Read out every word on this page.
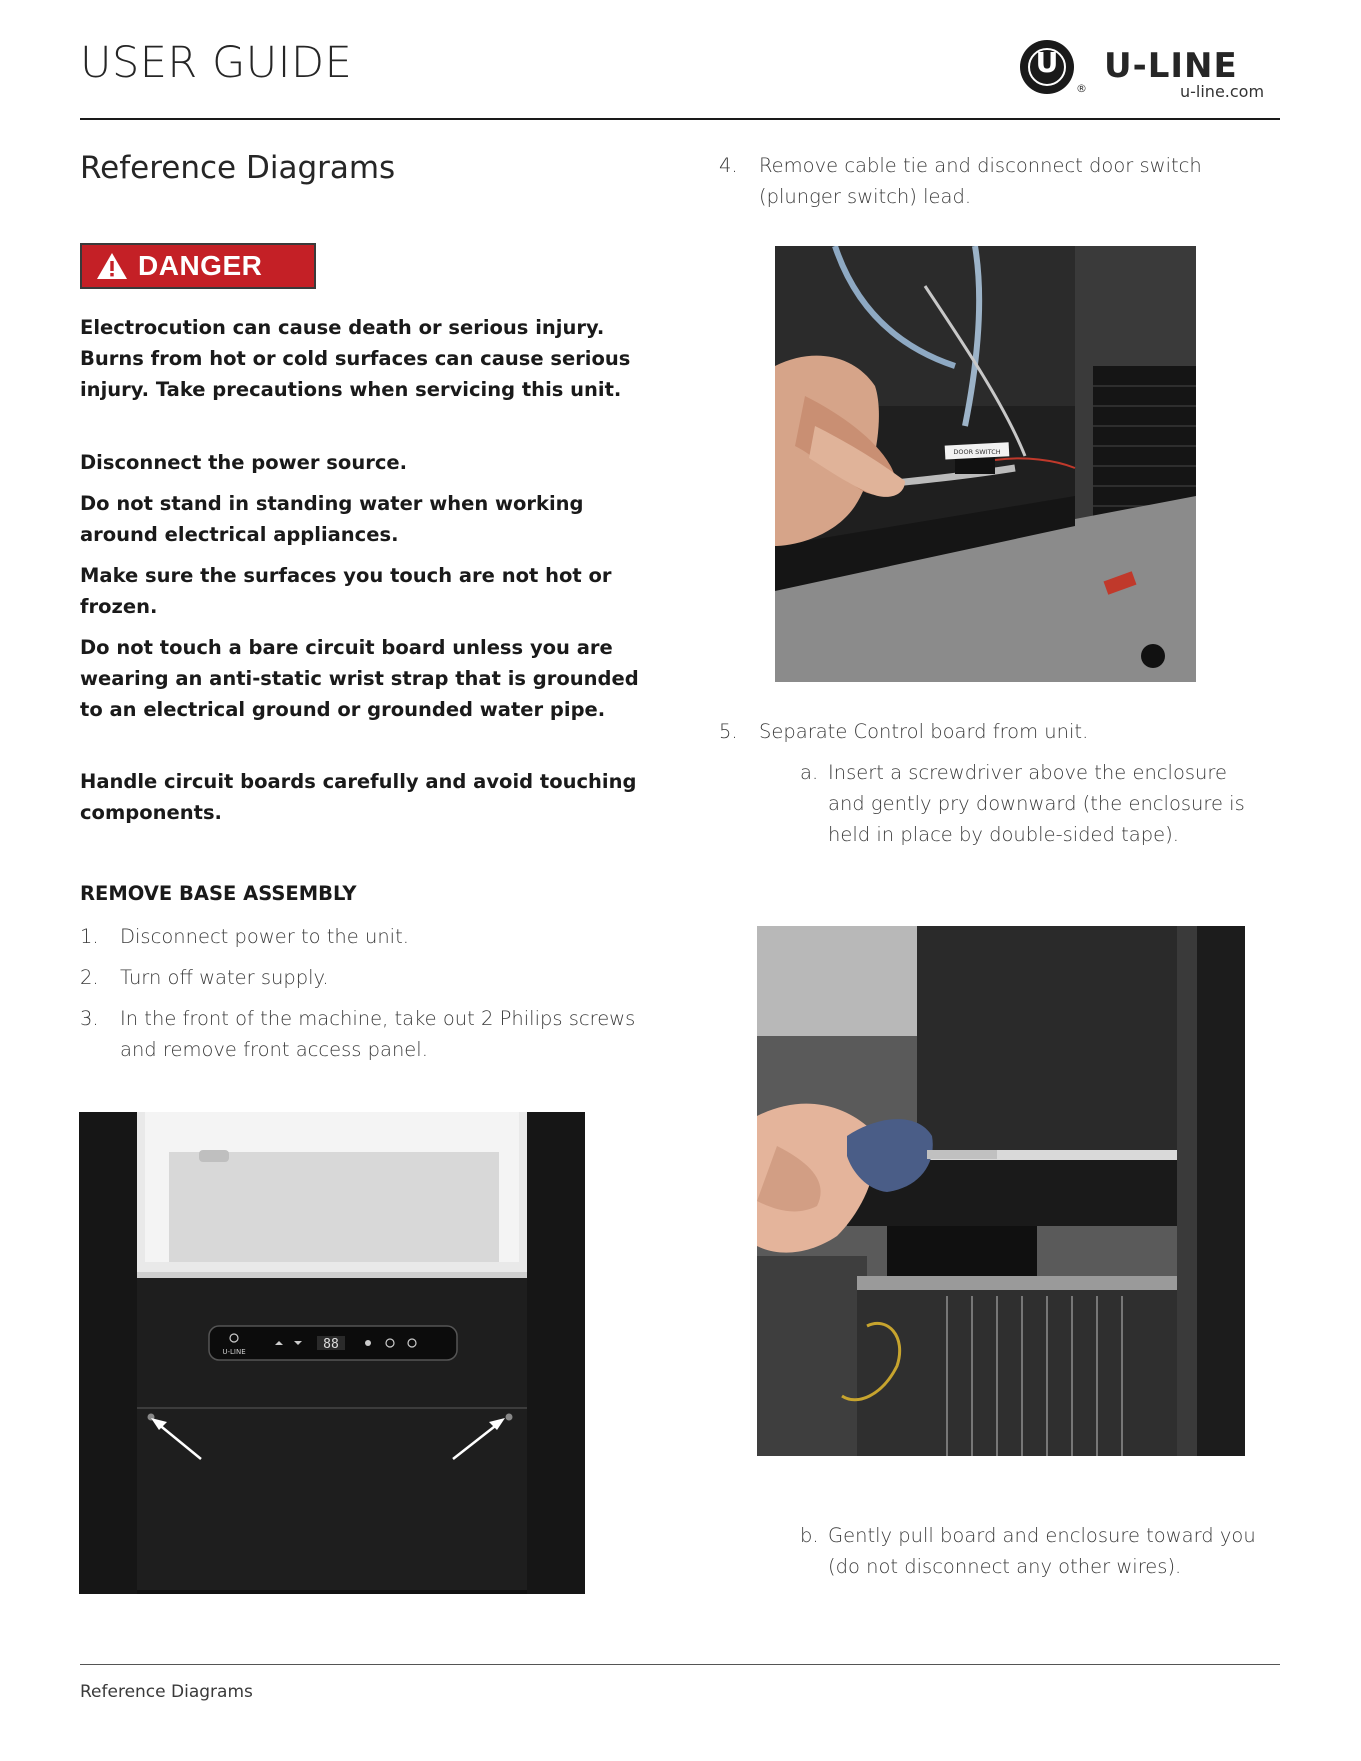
USER GUIDE	U
®
U-LINE
u-line.com
Reference Diagrams
DANGER
Electrocution can cause death or serious injury. Burns from hot or cold surfaces can cause serious injury. Take precautions when servicing this unit.
Disconnect the power source.
Do not stand in standing water when working around electrical appliances.
Make sure the surfaces you touch are not hot or frozen.
Do not touch a bare circuit board unless you are wearing an anti-static wrist strap that is grounded to an electrical ground or grounded water pipe.
Handle circuit boards carefully and avoid touching components.
REMOVE BASE ASSEMBLY
1. Disconnect power to the unit.
2. Turn off water supply.
3. In the front of the machine, take out 2 Philips screws and remove front access panel.
U-LINE	88
4. Remove cable tie and disconnect door switch (plunger switch) lead.
DOOR SWITCH
5. Separate Control board from unit.
a. Insert a screwdriver above the enclosure and gently pry downward (the enclosure is held in place by double-sided tape).
b. Gently pull board and enclosure toward you (do not disconnect any other wires).
Reference Diagrams
